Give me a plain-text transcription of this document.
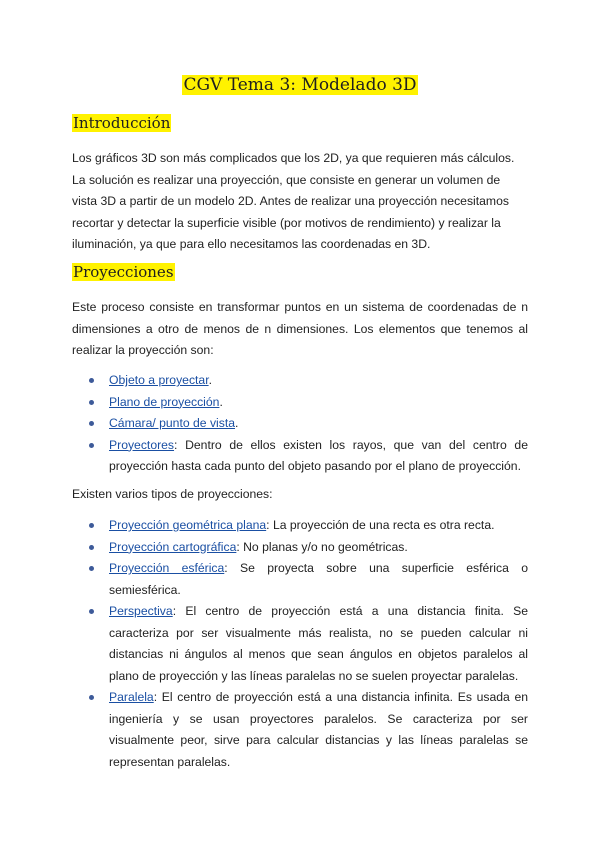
CGV Tema 3: Modelado 3D
Introducción

Los gráficos 3D son más complicados que los 2D, ya que requieren más cálculos. La solución es realizar una proyección, que consiste en generar un volumen de vista 3D a partir de un modelo 2D. Antes de realizar una proyección necesitamos recortar y detectar la superficie visible (por motivos de rendimiento) y realizar la iluminación, ya que para ello necesitamos las coordenadas en 3D.

Proyecciones

Este proceso consiste en transformar puntos en un sistema de coordenadas de n dimensiones a otro de menos de n dimensiones. Los elementos que tenemos al realizar la proyección son:

Objeto a proyectar.
Plano de proyección.
Cámara/ punto de vista.
Proyectores: Dentro de ellos existen los rayos, que van del centro de proyección hasta cada punto del objeto pasando por el plano de proyección.

Existen varios tipos de proyecciones:

Proyección geométrica plana: La proyección de una recta es otra recta.
Proyección cartográfica: No planas y/o no geométricas.
Proyección esférica: Se proyecta sobre una superficie esférica o semiesférica.
Perspectiva: El centro de proyección está a una distancia finita. Se caracteriza por ser visualmente más realista, no se pueden calcular ni distancias ni ángulos al menos que sean ángulos en objetos paralelos al plano de proyección y las líneas paralelas no se suelen proyectar paralelas.
Paralela: El centro de proyección está a una distancia infinita. Es usada en ingeniería y se usan proyectores paralelos. Se caracteriza por ser visualmente peor, sirve para calcular distancias y las líneas paralelas se representan paralelas.
